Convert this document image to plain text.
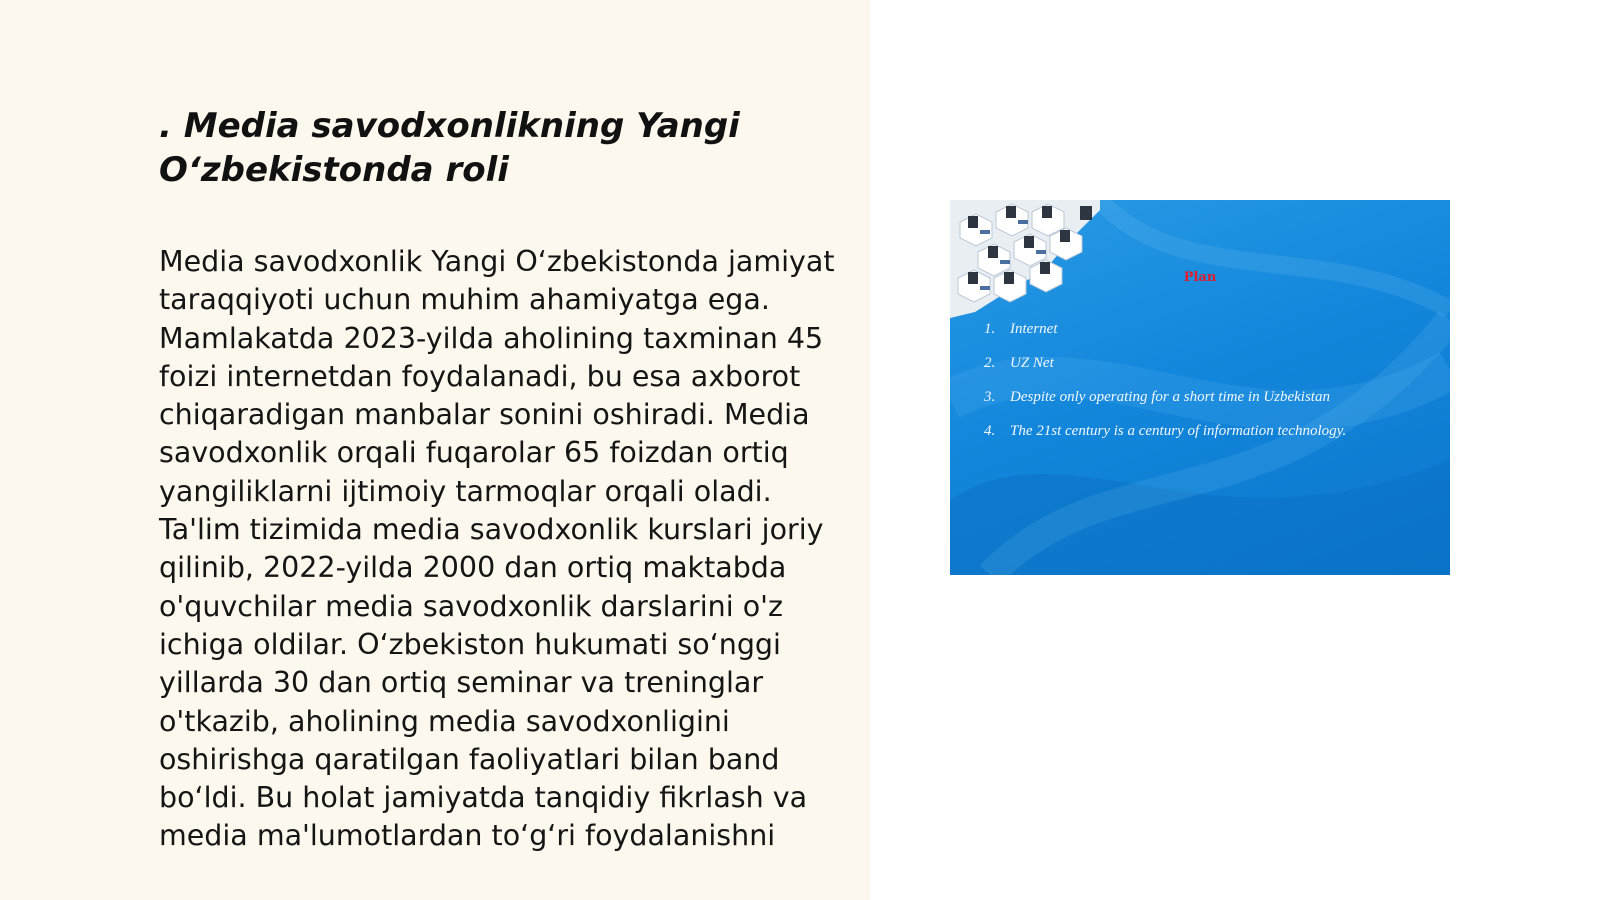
. Media savodxonlikning Yangi O‘zbekistonda roli

Media savodxonlik Yangi O‘zbekistonda jamiyat taraqqiyoti uchun muhim ahamiyatga ega. Mamlakatda 2023-yilda aholining taxminan 45 foizi internetdan foydalanadi, bu esa axborot chiqaradigan manbalar sonini oshiradi. Media savodxonlik orqali fuqarolar 65 foizdan ortiq yangiliklarni ijtimoiy tarmoqlar orqali oladi. Ta'lim tizimida media savodxonlik kurslari joriy qilinib, 2022-yilda 2000 dan ortiq maktabda o'quvchilar media savodxonlik darslarini o'z ichiga oldilar. O‘zbekiston hukumati so‘nggi yillarda 30 dan ortiq seminar va treninglar o'tkazib, aholining media savodxonligini oshirishga qaratilgan faoliyatlari bilan band bo‘ldi. Bu holat jamiyatda tanqidiy fikrlash va media ma'lumotlardan to‘g‘ri foydalanishni

Plan
1. Internet
2. UZ Net
3. Despite only operating for a short time in Uzbekistan
4. The 21st century is a century of information technology.
